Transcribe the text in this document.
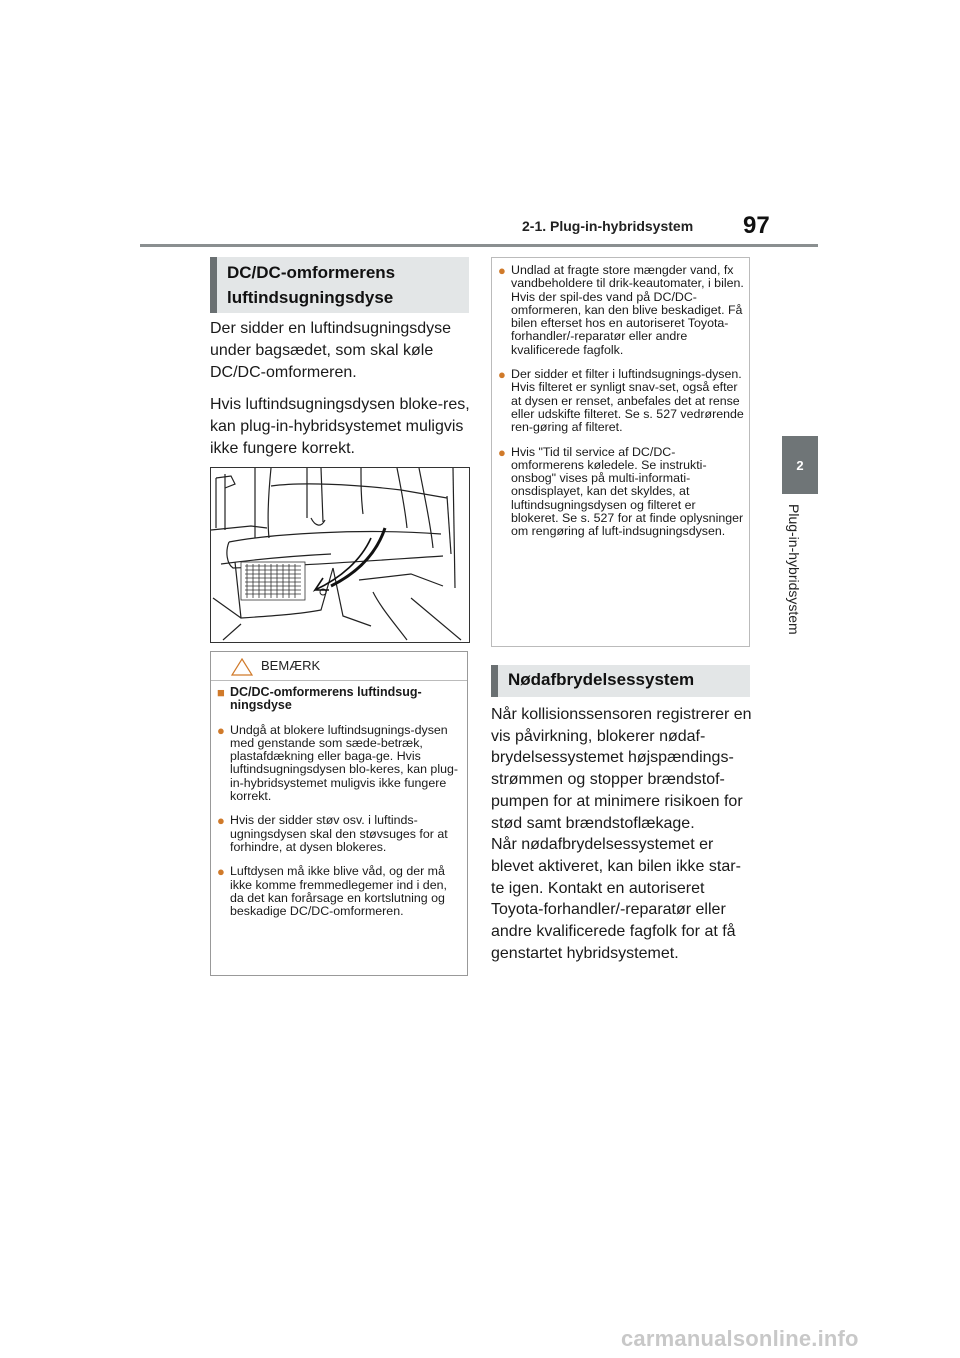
2-1. Plug-in-hybridsystem 97
2
Plug-in-hybridsystem
DC/DC-omformerens luftindsugningsdyse

Der sidder en luftindsugningsdyse under bagsædet, som skal køle DC/DC-omformeren.

Hvis luftindsugningsdysen bloke-res, kan plug-in-hybridsystemet muligvis ikke fungere korrekt.

BEMÆRK
■ DC/DC-omformerens luftindsug-ningsdyse
● Undgå at blokere luftindsugnings-dysen med genstande som sæde-betræk, plastafdækning eller baga-ge. Hvis luftindsugningsdysen blo-keres, kan plug-in-hybridsystemet muligvis ikke fungere korrekt.
● Hvis der sidder støv osv. i luftinds-ugningsdysen skal den støvsuges for at forhindre, at dysen blokeres.
● Luftdysen må ikke blive våd, og der må ikke komme fremmedlegemer ind i den, da det kan forårsage en kortslutning og beskadige DC/DC-omformeren.
● Undlad at fragte store mængder vand, fx vandbeholdere til drik-keautomater, i bilen. Hvis der spil-des vand på DC/DC-omformeren, kan den blive beskadiget. Få bilen efterset hos en autoriseret Toyota-forhandler/-reparatør eller andre kvalificerede fagfolk.
● Der sidder et filter i luftindsugnings-dysen. Hvis filteret er synligt snav-set, også efter at dysen er renset, anbefales det at rense eller udskifte filteret. Se s. 527 vedrørende ren-gøring af filteret.
● Hvis "Tid til service af DC/DC-omformerens køledele. Se instrukti-onsbog" vises på multi-informati-onsdisplayet, kan det skyldes, at luftindsugningsdysen og filteret er blokeret. Se s. 527 for at finde oplysninger om rengøring af luft-indsugningsdysen.
Nødafbrydelsessystem

Når kollisionssensoren registrerer en vis påvirkning, blokerer nødaf-brydelsessystemet højspændings-strømmen og stopper brændstof-pumpen for at minimere risikoen for stød samt brændstoflækage.

Når nødafbrydelsessystemet er blevet aktiveret, kan bilen ikke star-te igen. Kontakt en autoriseret Toyota-forhandler/-reparatør eller andre kvalificerede fagfolk for at få genstartet hybridsystemet.

carmanualsonline.info
